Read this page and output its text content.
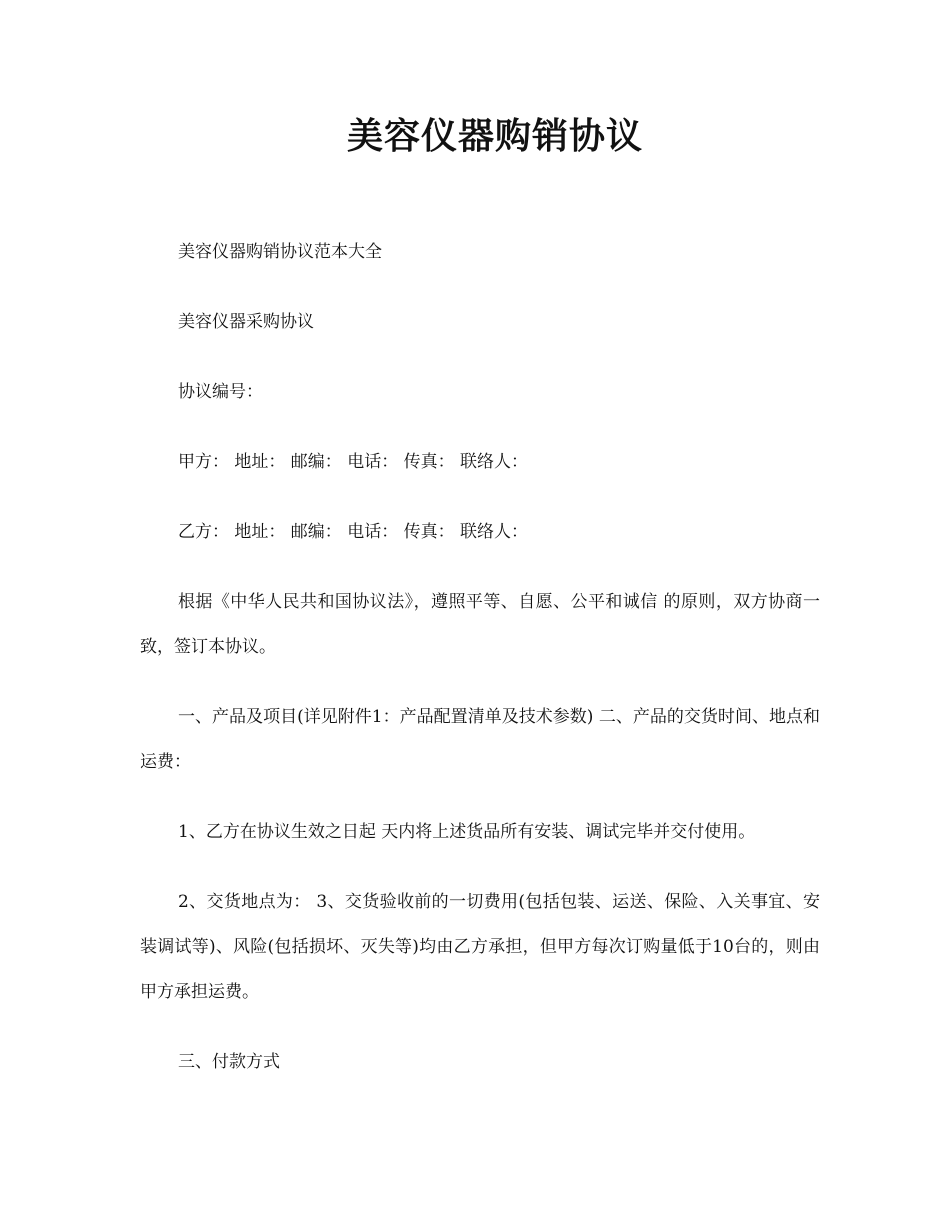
美容仪器购销协议

美容仪器购销协议范本大全

美容仪器采购协议

协议编号：

甲方： 地址： 邮编： 电话： 传真： 联络人：

乙方： 地址： 邮编： 电话： 传真： 联络人：

根据《中华人民共和国协议法》，遵照平等、自愿、公平和诚信 的原则，双方协商一致，签订本协议。

一、产品及项目(详见附件1：产品配置清单及技术参数) 二、产品的交货时间、地点和运费：

1、乙方在协议生效之日起 天内将上述货品所有安装、调试完毕并交付使用。

2、交货地点为： 3、交货验收前的一切费用(包括包装、运送、保险、入关事宜、安装调试等)、风险(包括损坏、灭失等)均由乙方承担，但甲方每次订购量低于10台的，则由甲方承担运费。

三、付款方式
